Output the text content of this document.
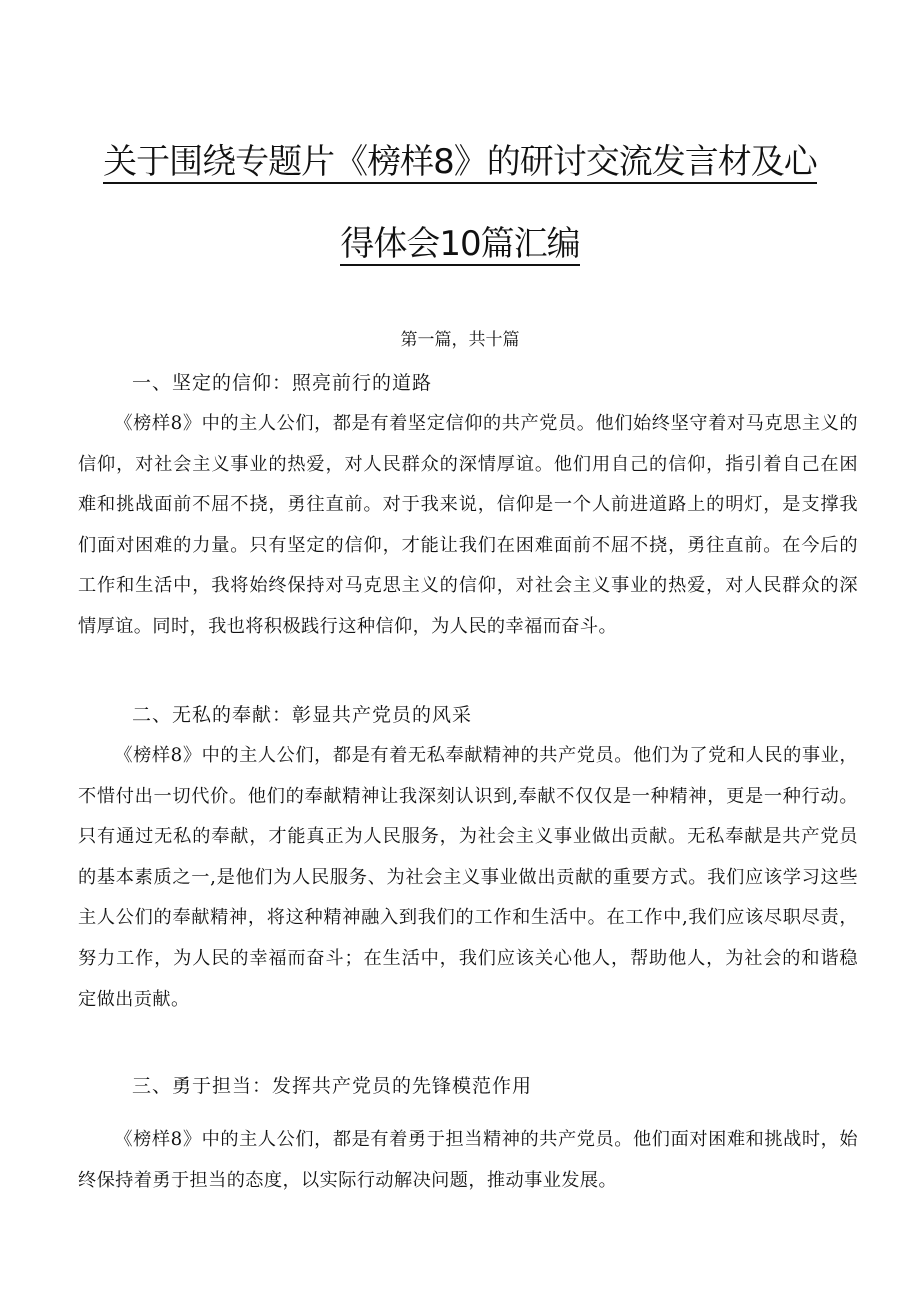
关于围绕专题片《榜样8》的研讨交流发言材及心
得体会10篇汇编
第一篇，共十篇
一、坚定的信仰：照亮前行的道路
《榜样8》中的主人公们，都是有着坚定信仰的共产党员。他们始终坚守着对马克思主义的信仰，对社会主义事业的热爱，对人民群众的深情厚谊。他们用自己的信仰，指引着自己在困难和挑战面前不屈不挠，勇往直前。对于我来说，信仰是一个人前进道路上的明灯，是支撑我们面对困难的力量。只有坚定的信仰，才能让我们在困难面前不屈不挠，勇往直前。在今后的工作和生活中，我将始终保持对马克思主义的信仰，对社会主义事业的热爱，对人民群众的深情厚谊。同时，我也将积极践行这种信仰，为人民的幸福而奋斗。
二、无私的奉献：彰显共产党员的风采
《榜样8》中的主人公们，都是有着无私奉献精神的共产党员。他们为了党和人民的事业，不惜付出一切代价。他们的奉献精神让我深刻认识到,奉献不仅仅是一种精神，更是一种行动。只有通过无私的奉献，才能真正为人民服务，为社会主义事业做出贡献。无私奉献是共产党员的基本素质之一,是他们为人民服务、为社会主义事业做出贡献的重要方式。我们应该学习这些主人公们的奉献精神，将这种精神融入到我们的工作和生活中。在工作中,我们应该尽职尽责，努力工作，为人民的幸福而奋斗；在生活中，我们应该关心他人，帮助他人，为社会的和谐稳定做出贡献。
三、勇于担当：发挥共产党员的先锋模范作用
《榜样8》中的主人公们，都是有着勇于担当精神的共产党员。他们面对困难和挑战时，始终保持着勇于担当的态度，以实际行动解决问题，推动事业发展。
